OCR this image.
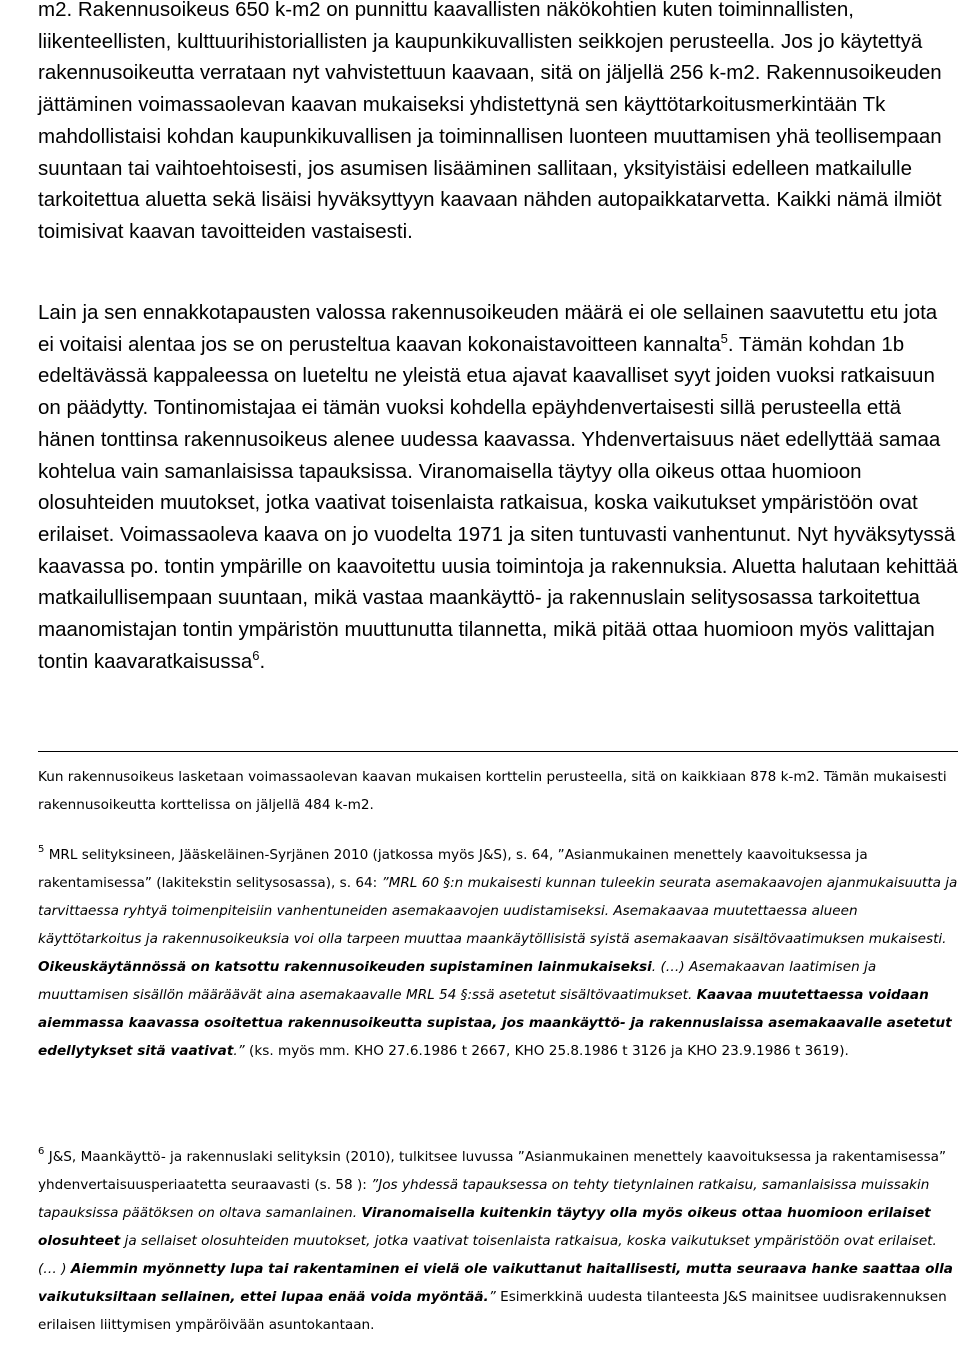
m2. Rakennusoikeus 650 k-m2 on punnittu kaavallisten näkökohtien kuten toiminnallisten, liikenteellisten, kulttuurihistoriallisten ja kaupunkikuvallisten seikkojen perusteella. Jos jo käytettyä rakennusoikeutta verrataan nyt vahvistettuun kaavaan, sitä on jäljellä 256 k-m2. Rakennusoikeuden jättäminen voimassaolevan kaavan mukaiseksi yhdistettynä sen käyttötarkoitusmerkintään Tk mahdollistaisi kohdan kaupunkikuvallisen ja toiminnallisen luonteen muuttamisen yhä teollisempaan suuntaan tai vaihtoehtoisesti, jos asumisen lisääminen sallitaan, yksityistäisi edelleen matkailulle tarkoitettua aluetta sekä lisäisi hyväksyttyyn kaavaan nähden autopaikkatarvetta. Kaikki nämä ilmiöt toimisivat kaavan tavoitteiden vastaisesti.

Lain ja sen ennakkotapausten valossa rakennusoikeuden määrä ei ole sellainen saavutettu etu jota ei voitaisi alentaa jos se on perusteltua kaavan kokonaistavoitteen kannalta$^5$. Tämän kohdan 1b edeltävässä kappaleessa on lueteltu ne yleistä etua ajavat kaavalliset syyt joiden vuoksi ratkaisuun on päädytty. Tontinomistajaa ei tämän vuoksi kohdella epäyhdenvertaisesti sillä perusteella että hänen tonttinsa rakennusoikeus alenee uudessa kaavassa. Yhdenvertaisuus näet edellyttää samaa kohtelua vain samanlaisissa tapauksissa. Viranomaisella täytyy olla oikeus ottaa huomioon olosuhteiden muutokset, jotka vaativat toisenlaista ratkaisua, koska vaikutukset ympäristöön ovat erilaiset. Voimassaoleva kaava on jo vuodelta 1971 ja siten tuntuvasti vanhentunut. Nyt hyväksytyssä kaavassa po. tontin ympärille on kaavoitettu uusia toimintoja ja rakennuksia. Aluetta halutaan kehittää matkailullisempaan suuntaan, mikä vastaa maankäyttö- ja rakennuslain selitysosassa tarkoitettua maanomistajan tontin ympäristön muuttunutta tilannetta, mikä pitää ottaa huomioon myös valittajan tontin kaavaratkaisussa$^6$.

Kun rakennusoikeus lasketaan voimassaolevan kaavan mukaisen korttelin perusteella, sitä on kaikkiaan 878 k-m2. Tämän mukaisesti rakennusoikeutta korttelissa on jäljellä 484 k-m2.

$^5$ MRL selityksineen, Jääskeläinen-Syrjänen 2010 (jatkossa myös J&S), s. 64, ”Asianmukainen menettely kaavoituksessa ja rakentamisessa” (lakitekstin selitysosassa), s. 64: ”MRL 60 §:n mukaisesti kunnan tuleekin seurata asemakaavojen ajanmukaisuutta ja tarvittaessa ryhtyä toimenpiteisiin vanhentuneiden asemakaavojen uudistamiseksi. Asemakaavaa muutettaessa alueen käyttötarkoitus ja rakennusoikeuksia voi olla tarpeen muuttaa maankäytöllisistä syistä asemakaavan sisältövaatimuksen mukaisesti. Oikeuskäytännössä on katsottu rakennusoikeuden supistaminen lainmukaiseksi. (…) Asemakaavan laatimisen ja muuttamisen sisällön määräävät aina asemakaavalle MRL 54 §:ssä asetetut sisältövaatimukset. Kaavaa muutettaessa voidaan aiemmassa kaavassa osoitettua rakennusoikeutta supistaa, jos maankäyttö- ja rakennuslaissa asemakaavalle asetetut edellytykset sitä vaativat.” (ks. myös mm. KHO 27.6.1986 t 2667, KHO 25.8.1986 t 3126 ja KHO 23.9.1986 t 3619).

$^6$ J&S, Maankäyttö- ja rakennuslaki selityksin (2010), tulkitsee luvussa ”Asianmukainen menettely kaavoituksessa ja rakentamisessa” yhdenvertaisuusperiaatetta seuraavasti (s. 58 ): ”Jos yhdessä tapauksessa on tehty tietynlainen ratkaisu, samanlaisissa muissakin tapauksissa päätöksen on oltava samanlainen. Viranomaisella kuitenkin täytyy olla myös oikeus ottaa huomioon erilaiset olosuhteet ja sellaiset olosuhteiden muutokset, jotka vaativat toisenlaista ratkaisua, koska vaikutukset ympäristöön ovat erilaiset. (… ) Aiemmin myönnetty lupa tai rakentaminen ei vielä ole vaikuttanut haitallisesti, mutta seuraava hanke saattaa olla vaikutuksiltaan sellainen, ettei lupaa enää voida myöntää.” Esimerkkinä uudesta tilanteesta J&S mainitsee uudisrakennuksen erilaisen liittymisen ympäröivään asuntokantaan.
